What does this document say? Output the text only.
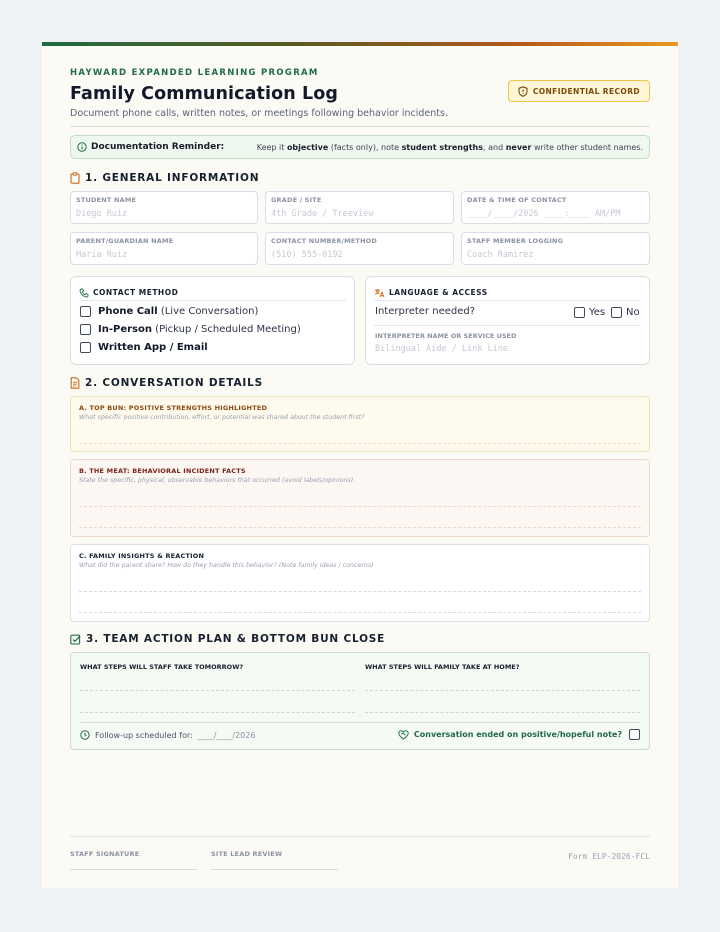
HAYWARD EXPANDED LEARNING PROGRAM
Family Communication Log
Document phone calls, written notes, or meetings following behavior incidents.
CONFIDENTIAL RECORD
Documentation Reminder:	Keep it objective (facts only), note student strengths, and never write other student names.
1. GENERAL INFORMATION
STUDENT NAME
Diego Ruiz
GRADE / SITE
4th Grade / Treeview
DATE & TIME OF CONTACT
____/____/2026 ____:____ AM/PM
PARENT/GUARDIAN NAME
Maria Ruiz
CONTACT NUMBER/METHOD
(510) 555-0192
STAFF MEMBER LOGGING
Coach Ramirez
CONTACT METHOD
Phone Call (Live Conversation)
In-Person (Pickup / Scheduled Meeting)
Written App / Email
LANGUAGE & ACCESS
Interpreter needed?	Yes No
INTERPRETER NAME OR SERVICE USED
Bilingual Aide / Link Line
2. CONVERSATION DETAILS
A. TOP BUN: POSITIVE STRENGTHS HIGHLIGHTED
What specific positive contribution, effort, or potential was shared about the student first?
B. THE MEAT: BEHAVIORAL INCIDENT FACTS
State the specific, physical, observable behaviors that occurred (avoid labels/opinions).
C. FAMILY INSIGHTS & REACTION
What did the parent share? How do they handle this behavior? (Note family ideas / concerns)
3. TEAM ACTION PLAN & BOTTOM BUN CLOSE
WHAT STEPS WILL STAFF TAKE TOMORROW?	WHAT STEPS WILL FAMILY TAKE AT HOME?
Follow-up scheduled for: ____/____/2026	Conversation ended on positive/hopeful note?
STAFF SIGNATURE	SITE LEAD REVIEW	Form ELP-2026-FCL
